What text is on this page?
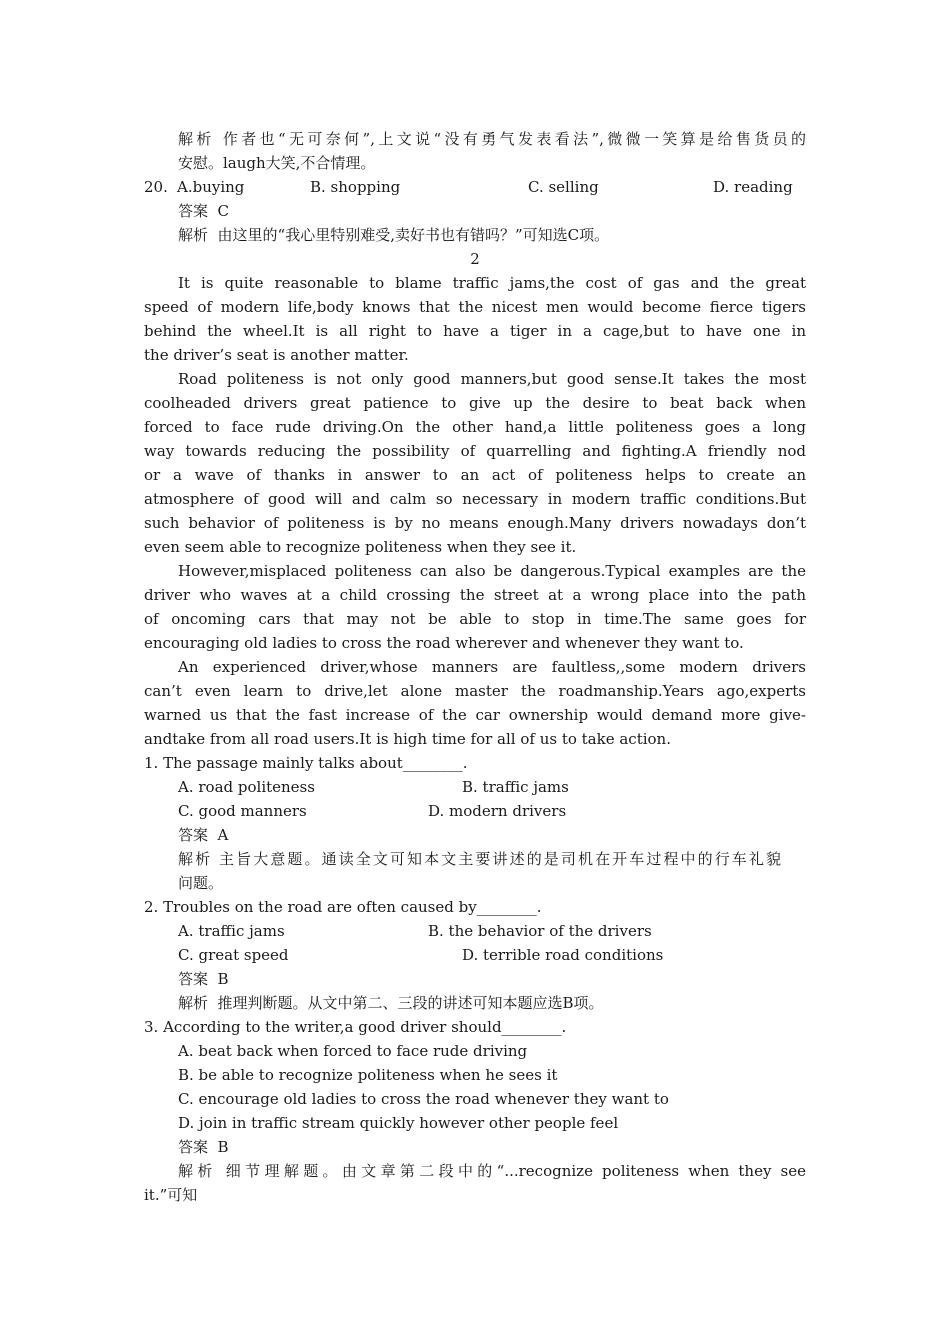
解析 作者也“无可奈何”,上文说“没有勇气发表看法”,微微一笑算是给售货员的
安慰。laugh大笑,不合情理。
20. A.buying	B. shopping	C. selling	D. reading
答案  C
解析  由这里的“我心里特别难受,卖好书也有错吗？”可知选C项。
2
It is quite reasonable to blame traffic jams,the cost of gas and the great
speed of modern life,body knows that the nicest men would become fierce tigers
behind the wheel.It is all right to have a tiger in a cage,but to have one in
the driver’s seat is another matter.
Road politeness is not only good manners,but good sense.It takes the most
coolheaded drivers great patience to give up the desire to beat back when
forced to face rude driving.On the other hand,a little politeness goes a long
way towards reducing the possibility of quarrelling and fighting.A friendly nod
or a wave of thanks in answer to an act of politeness helps to create an
atmosphere of good will and calm so necessary in modern traffic conditions.But
such behavior of politeness is by no means enough.Many drivers nowadays don’t
even seem able to recognize politeness when they see it.
However,misplaced politeness can also be dangerous.Typical examples are the
driver who waves at a child crossing the street at a wrong place into the path
of oncoming cars that may not be able to stop in time.The same goes for
encouraging old ladies to cross the road wherever and whenever they want to.
An experienced driver,whose manners are faultless,,some modern drivers
can’t even learn to drive,let alone master the roadmanship.Years ago,experts
warned us that the fast increase of the car ownership would demand more give-
andtake from all road users.It is high time for all of us to take action.
1. The passage mainly talks about________.
A. road politeness	B. traffic jams
C. good manners	D. modern drivers
答案  A
解析 主旨大意题。通读全文可知本文主要讲述的是司机在开车过程中的行车礼貌
问题。
2. Troubles on the road are often caused by________.
A. traffic jams	B. the behavior of the drivers
C. great speed	D. terrible road conditions
答案  B
解析  推理判断题。从文中第二、三段的讲述可知本题应选B项。
3. According to the writer,a good driver should________.
A. beat back when forced to face rude driving
B. be able to recognize politeness when he sees it
C. encourage old ladies to cross the road whenever they want to
D. join in traffic stream quickly however other people feel
答案  B
解析 细节理解题。由文章第二段中的“...recognize politeness when they see
it.”可知
